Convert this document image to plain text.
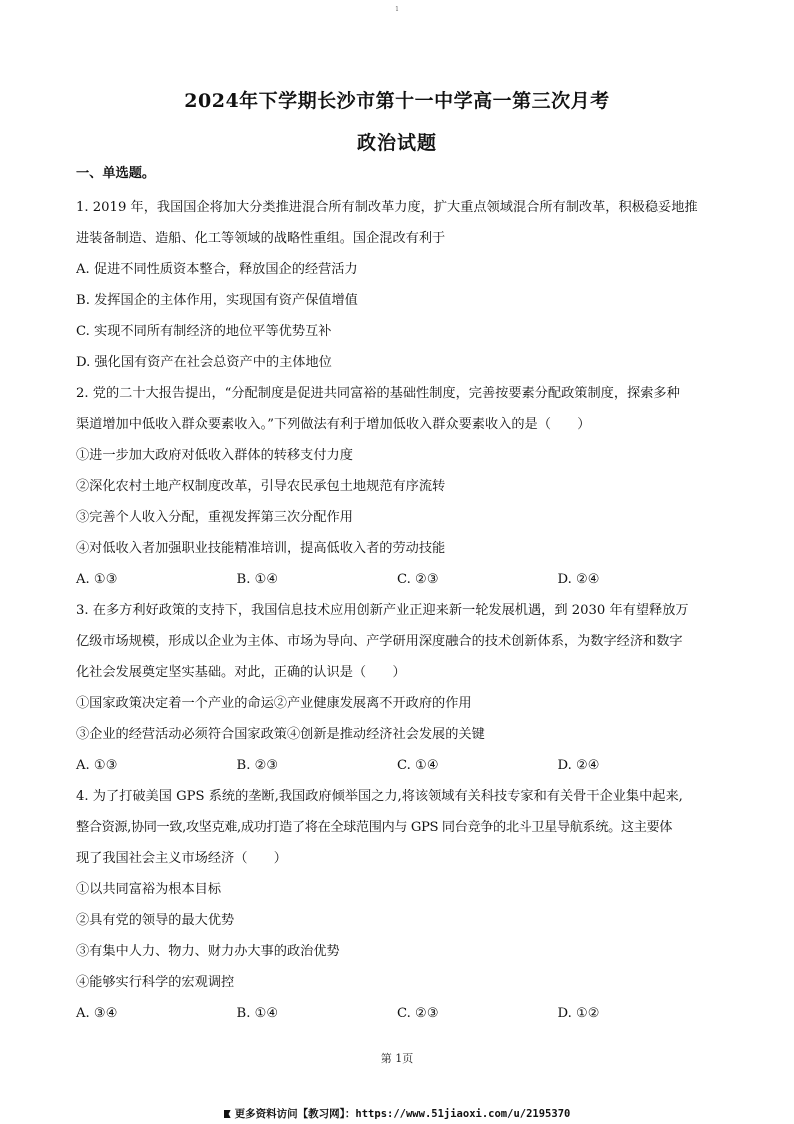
1
2024年下学期长沙市第十一中学高一第三次月考
政治试题
一、单选题。
1. 2019 年，我国国企将加大分类推进混合所有制改革力度，扩大重点领域混合所有制改革，积极稳妥地推
进装备制造、造船、化工等领域的战略性重组。国企混改有利于
A. 促进不同性质资本整合，释放国企的经营活力
B. 发挥国企的主体作用，实现国有资产保值增值
C. 实现不同所有制经济的地位平等优势互补
D. 强化国有资产在社会总资产中的主体地位
2. 党的二十大报告提出，“分配制度是促进共同富裕的基础性制度，完善按要素分配政策制度，探索多种
渠道增加中低收入群众要素收入。”下列做法有利于增加低收入群众要素收入的是（　　）
①进一步加大政府对低收入群体的转移支付力度
②深化农村土地产权制度改革，引导农民承包土地规范有序流转
③完善个人收入分配，重视发挥第三次分配作用
④对低收入者加强职业技能精准培训，提高低收入者的劳动技能
A. ①③	B. ①④	C. ②③	D. ②④
3. 在多方利好政策的支持下，我国信息技术应用创新产业正迎来新一轮发展机遇，到 2030 年有望释放万
亿级市场规模，形成以企业为主体、市场为导向、产学研用深度融合的技术创新体系，为数字经济和数字
化社会发展奠定坚实基础。对此，正确的认识是（　　）
①国家政策决定着一个产业的命运②产业健康发展离不开政府的作用
③企业的经营活动必须符合国家政策④创新是推动经济社会发展的关键
A. ①③	B. ②③	C. ①④	D. ②④
4. 为了打破美国 GPS 系统的垄断,我国政府倾举国之力,将该领域有关科技专家和有关骨干企业集中起来,
整合资源,协同一致,攻坚克难,成功打造了将在全球范围内与 GPS 同台竞争的北斗卫星导航系统。这主要体
现了我国社会主义市场经济（　　）
①以共同富裕为根本目标
②具有党的领导的最大优势
③有集中人力、物力、财力办大事的政治优势
④能够实行科学的宏观调控
A. ③④	B. ①④	C. ②③	D. ①②
第 1页
更多资料访问【教习网】：https://www.51jiaoxi.com/u/2195370
